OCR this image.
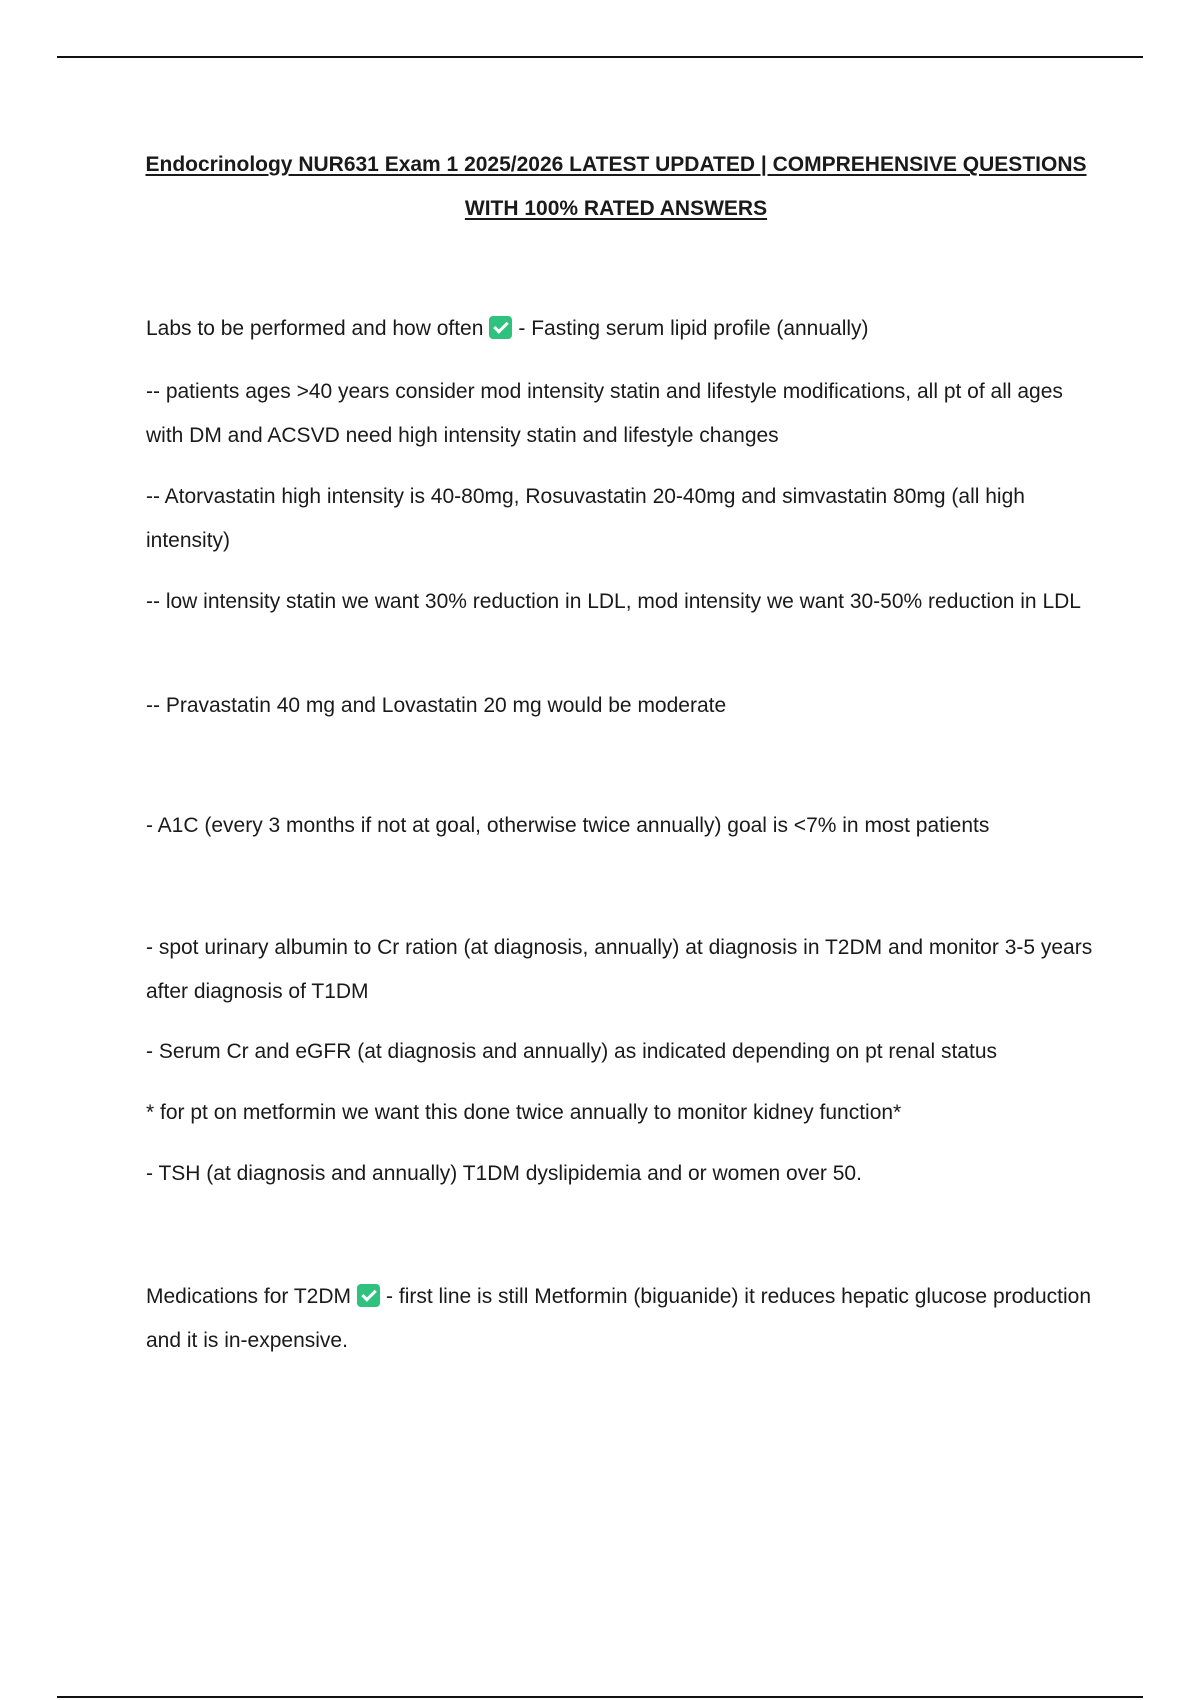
Endocrinology NUR631 Exam 1 2025/2026 LATEST UPDATED | COMPREHENSIVE QUESTIONS
WITH 100% RATED ANSWERS

Labs to be performed and how often - Fasting serum lipid profile (annually)

-- patients ages >40 years consider mod intensity statin and lifestyle modifications, all pt of all ages with DM and ACSVD need high intensity statin and lifestyle changes

-- Atorvastatin high intensity is 40-80mg, Rosuvastatin 20-40mg and simvastatin 80mg (all high intensity)

-- low intensity statin we want 30% reduction in LDL, mod intensity we want 30-50% reduction in LDL

-- Pravastatin 40 mg and Lovastatin 20 mg would be moderate

- A1C (every 3 months if not at goal, otherwise twice annually) goal is <7% in most patients

- spot urinary albumin to Cr ration (at diagnosis, annually) at diagnosis in T2DM and monitor 3-5 years after diagnosis of T1DM

- Serum Cr and eGFR (at diagnosis and annually) as indicated depending on pt renal status

* for pt on metformin we want this done twice annually to monitor kidney function*

- TSH (at diagnosis and annually) T1DM dyslipidemia and or women over 50.

Medications for T2DM - first line is still Metformin (biguanide) it reduces hepatic glucose production and it is in-expensive.
